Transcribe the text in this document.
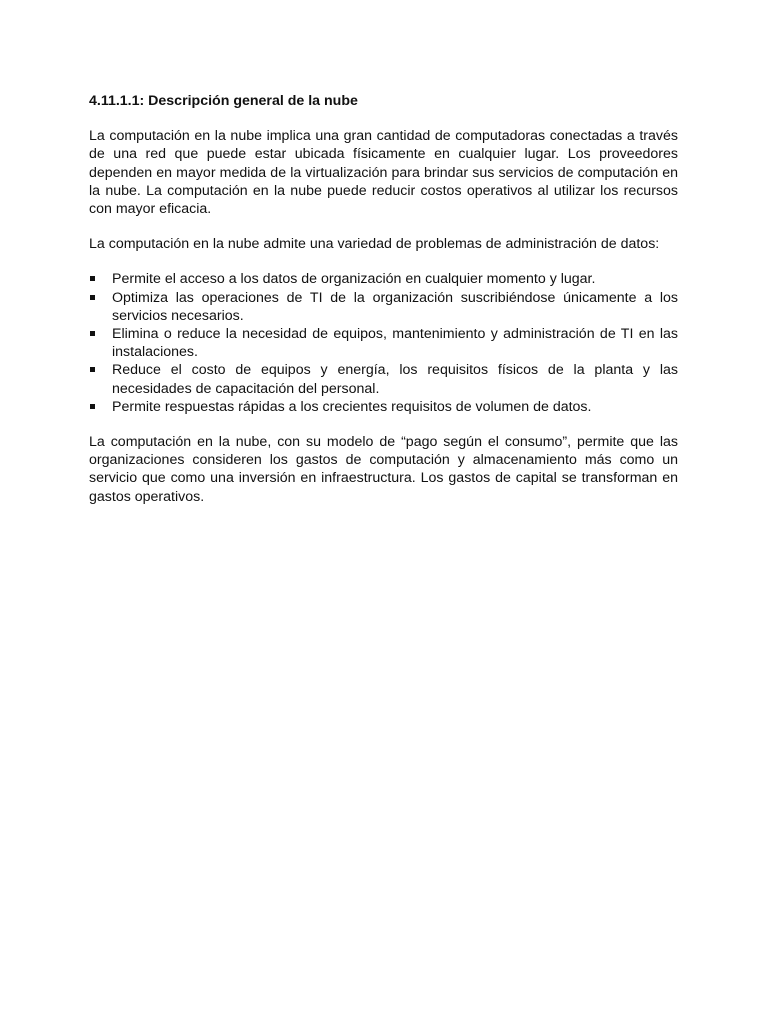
4.11.1.1: Descripción general de la nube

La computación en la nube implica una gran cantidad de computadoras conectadas a través de una red que puede estar ubicada físicamente en cualquier lugar. Los proveedores dependen en mayor medida de la virtualización para brindar sus servicios de computación en la nube. La computación en la nube puede reducir costos operativos al utilizar los recursos con mayor eficacia.

La computación en la nube admite una variedad de problemas de administración de datos:

Permite el acceso a los datos de organización en cualquier momento y lugar.
Optimiza las operaciones de TI de la organización suscribiéndose únicamente a los servicios necesarios.
Elimina o reduce la necesidad de equipos, mantenimiento y administración de TI en las instalaciones.
Reduce el costo de equipos y energía, los requisitos físicos de la planta y las necesidades de capacitación del personal.
Permite respuestas rápidas a los crecientes requisitos de volumen de datos.

La computación en la nube, con su modelo de “pago según el consumo”, permite que las organizaciones consideren los gastos de computación y almacenamiento más como un servicio que como una inversión en infraestructura. Los gastos de capital se transforman en gastos operativos.
